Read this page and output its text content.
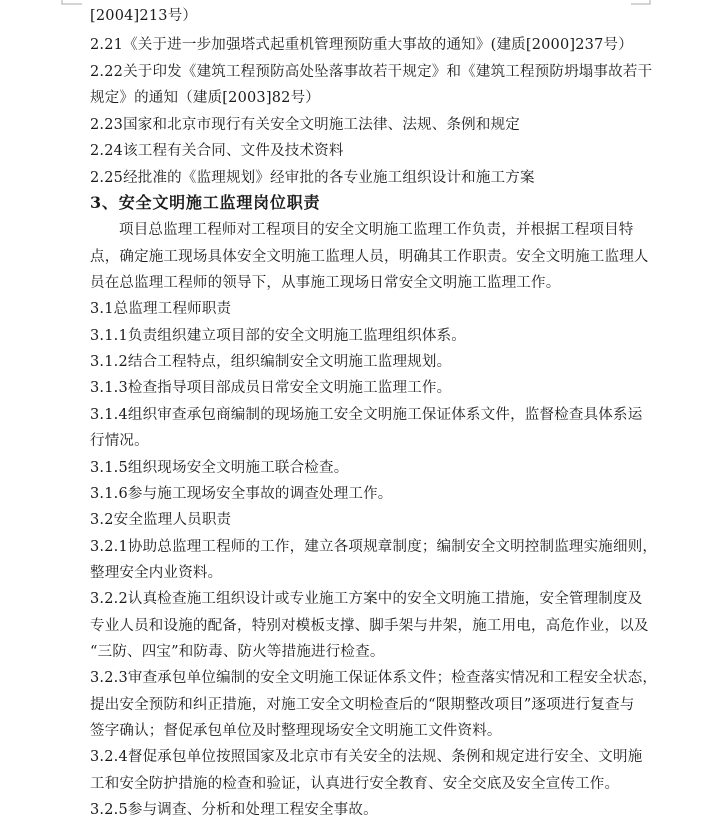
[2004]213号）
2.21《关于进一步加强塔式起重机管理预防重大事故的通知》(建质[2000]237号）
2.22关于印发《建筑工程预防高处坠落事故若干规定》和《建筑工程预防坍塌事故若干
规定》的通知（建质[2003]82号）
2.23国家和北京市现行有关安全文明施工法律、法规、条例和规定
2.24该工程有关合同、文件及技术资料
2.25经批准的《监理规划》经审批的各专业施工组织设计和施工方案
3、安全文明施工监理岗位职责
项目总监理工程师对工程项目的安全文明施工监理工作负责，并根据工程项目特
点，确定施工现场具体安全文明施工监理人员，明确其工作职责。安全文明施工监理人
员在总监理工程师的领导下，从事施工现场日常安全文明施工监理工作。
3.1总监理工程师职责
3.1.1负责组织建立项目部的安全文明施工监理组织体系。
3.1.2结合工程特点，组织编制安全文明施工监理规划。
3.1.3检查指导项目部成员日常安全文明施工监理工作。
3.1.4组织审查承包商编制的现场施工安全文明施工保证体系文件，监督检查具体系运
行情况。
3.1.5组织现场安全文明施工联合检查。
3.1.6参与施工现场安全事故的调查处理工作。
3.2安全监理人员职责
3.2.1协助总监理工程师的工作，建立各项规章制度；编制安全文明控制监理实施细则，
整理安全内业资料。
3.2.2认真检查施工组织设计或专业施工方案中的安全文明施工措施，安全管理制度及
专业人员和设施的配备，特别对模板支撑、脚手架与井架，施工用电，高危作业，以及
“三防、四宝”和防毒、防火等措施进行检查。
3.2.3审查承包单位编制的安全文明施工保证体系文件；检查落实情况和工程安全状态，
提出安全预防和纠正措施，对施工安全文明检查后的“限期整改项目”逐项进行复查与
签字确认；督促承包单位及时整理现场安全文明施工文件资料。
3.2.4督促承包单位按照国家及北京市有关安全的法规、条例和规定进行安全、文明施
工和安全防护措施的检查和验证，认真进行安全教育、安全交底及安全宣传工作。
3.2.5参与调查、分析和处理工程安全事故。
